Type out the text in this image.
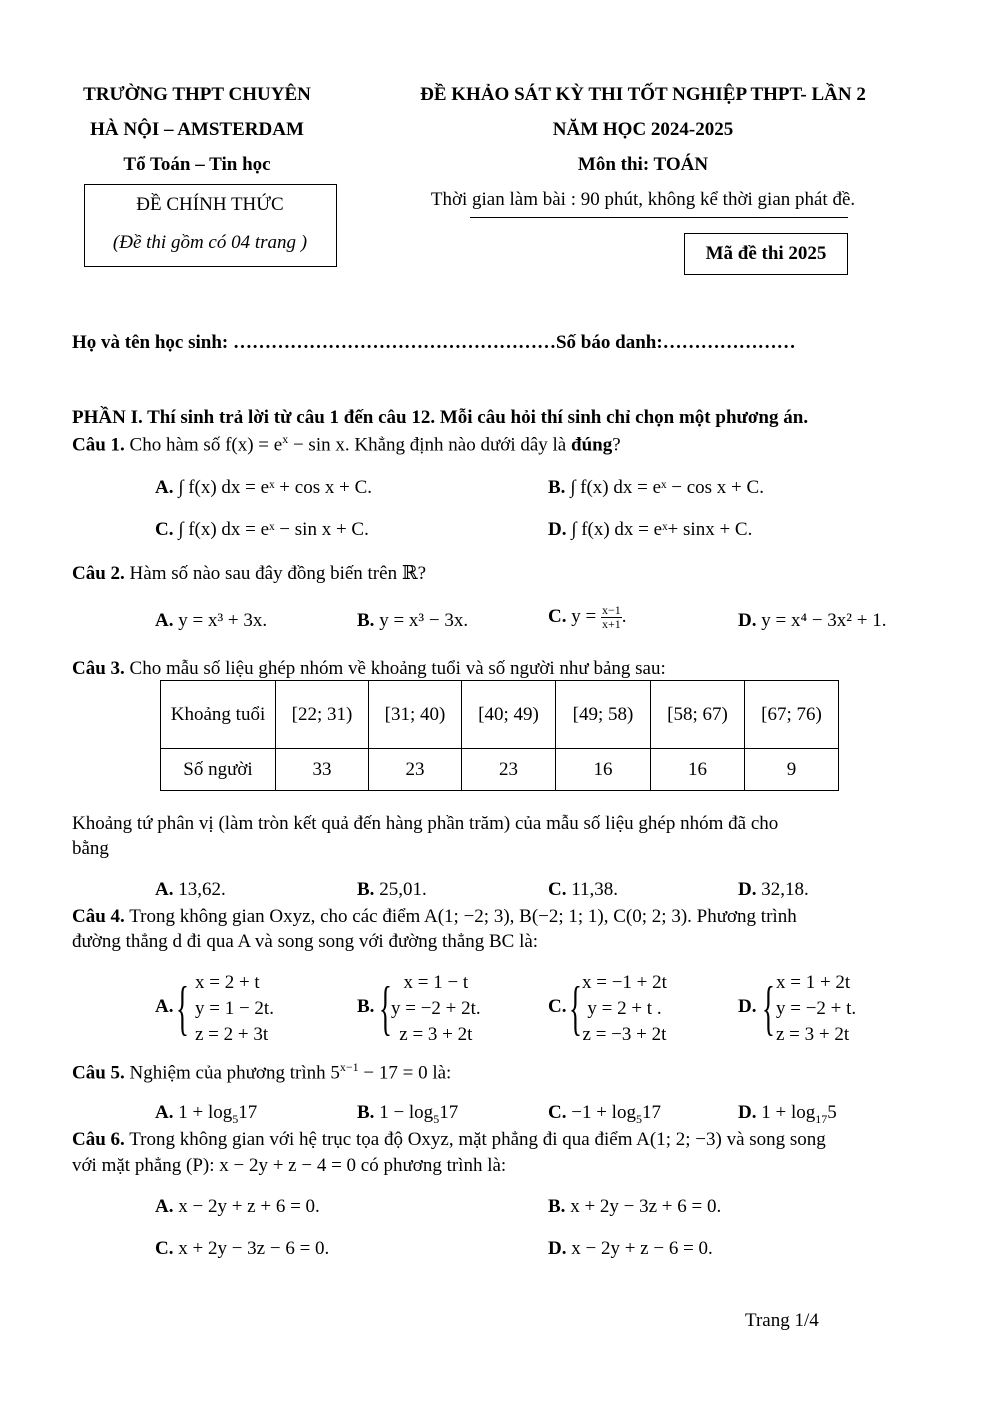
TRƯỜNG THPT CHUYÊN
HÀ NỘI – AMSTERDAM
Tổ Toán – Tin học
ĐỀ CHÍNH THỨC
(Đề thi gồm có 04 trang )
ĐỀ KHẢO SÁT KỲ THI TỐT NGHIỆP THPT- LẦN 2
NĂM HỌC 2024-2025
Môn thi: TOÁN
Thời gian làm bài : 90 phút, không kể thời gian phát đề.
Mã đề thi 2025
Họ và tên học sinh: ……………………………………………Số báo danh:…………………
PHẦN I. Thí sinh trả lời từ câu 1 đến câu 12. Mỗi câu hỏi thí sinh chỉ chọn một phương án.
Câu 1. Cho hàm số $f(x) = e^x - \sin x$. Khẳng định nào dưới dây là đúng?
A. ∫ f(x) dx = eˣ + cos x + C.	B. ∫ f(x) dx = eˣ − cos x + C.
C. ∫ f(x) dx = eˣ − sin x + C.	D. ∫ f(x) dx = eˣ+ sinx + C.
Câu 2. Hàm số nào sau đây đồng biến trên ℝ?
A. y = x³ + 3x.	B. y = x³ − 3x.	C. $y = \frac{x-1}{x+1}$ .	D. y = x⁴ − 3x² + 1.
Câu 3. Cho mẫu số liệu ghép nhóm về khoảng tuổi và số người như bảng sau:
Khoảng tuổi	[22; 31)	[31; 40)	[40; 49)	[49; 58)	[58; 67)	[67; 76)
Số người	33	23	23	16	16	9
Khoảng tứ phân vị (làm tròn kết quả đến hàng phần trăm) của mẫu số liệu ghép nhóm đã cho
bằng
A. 13,62.	B. 25,01.	C. 11,38.	D. 32,18.
Câu 4. Trong không gian Oxyz, cho các điểm A(1; −2; 3), B(−2; 1; 1), C(0; 2; 3). Phương trình
đường thẳng d đi qua A và song song với đường thẳng BC là:
A. { x = 2 + t
y = 1 − 2t.
z = 2 + 3t
B. { x = 1 − t
y = −2 + 2t.
z = 3 + 2t
C. { x = −1 + 2t
y = 2 + t .
z = −3 + 2t
D. { x = 1 + 2t
y = −2 + t.
z = 3 + 2t
Câu 5. Nghiệm của phương trình $5^{x-1} - 17 = 0$ là:
A. $1 + \log_517$	B. $1 - \log_517$	C. $-1 + \log_517$	D. $1 + \log_{17}5$
Câu 6. Trong không gian với hệ trục tọa độ Oxyz, mặt phẳng đi qua điểm A(1; 2; −3) và song song
với mặt phẳng (P): x − 2y + z − 4 = 0 có phương trình là:
A. x − 2y + z + 6 = 0.	B. x + 2y − 3z + 6 = 0.
C. x + 2y − 3z − 6 = 0.	D. x − 2y + z − 6 = 0.
Trang 1/4
